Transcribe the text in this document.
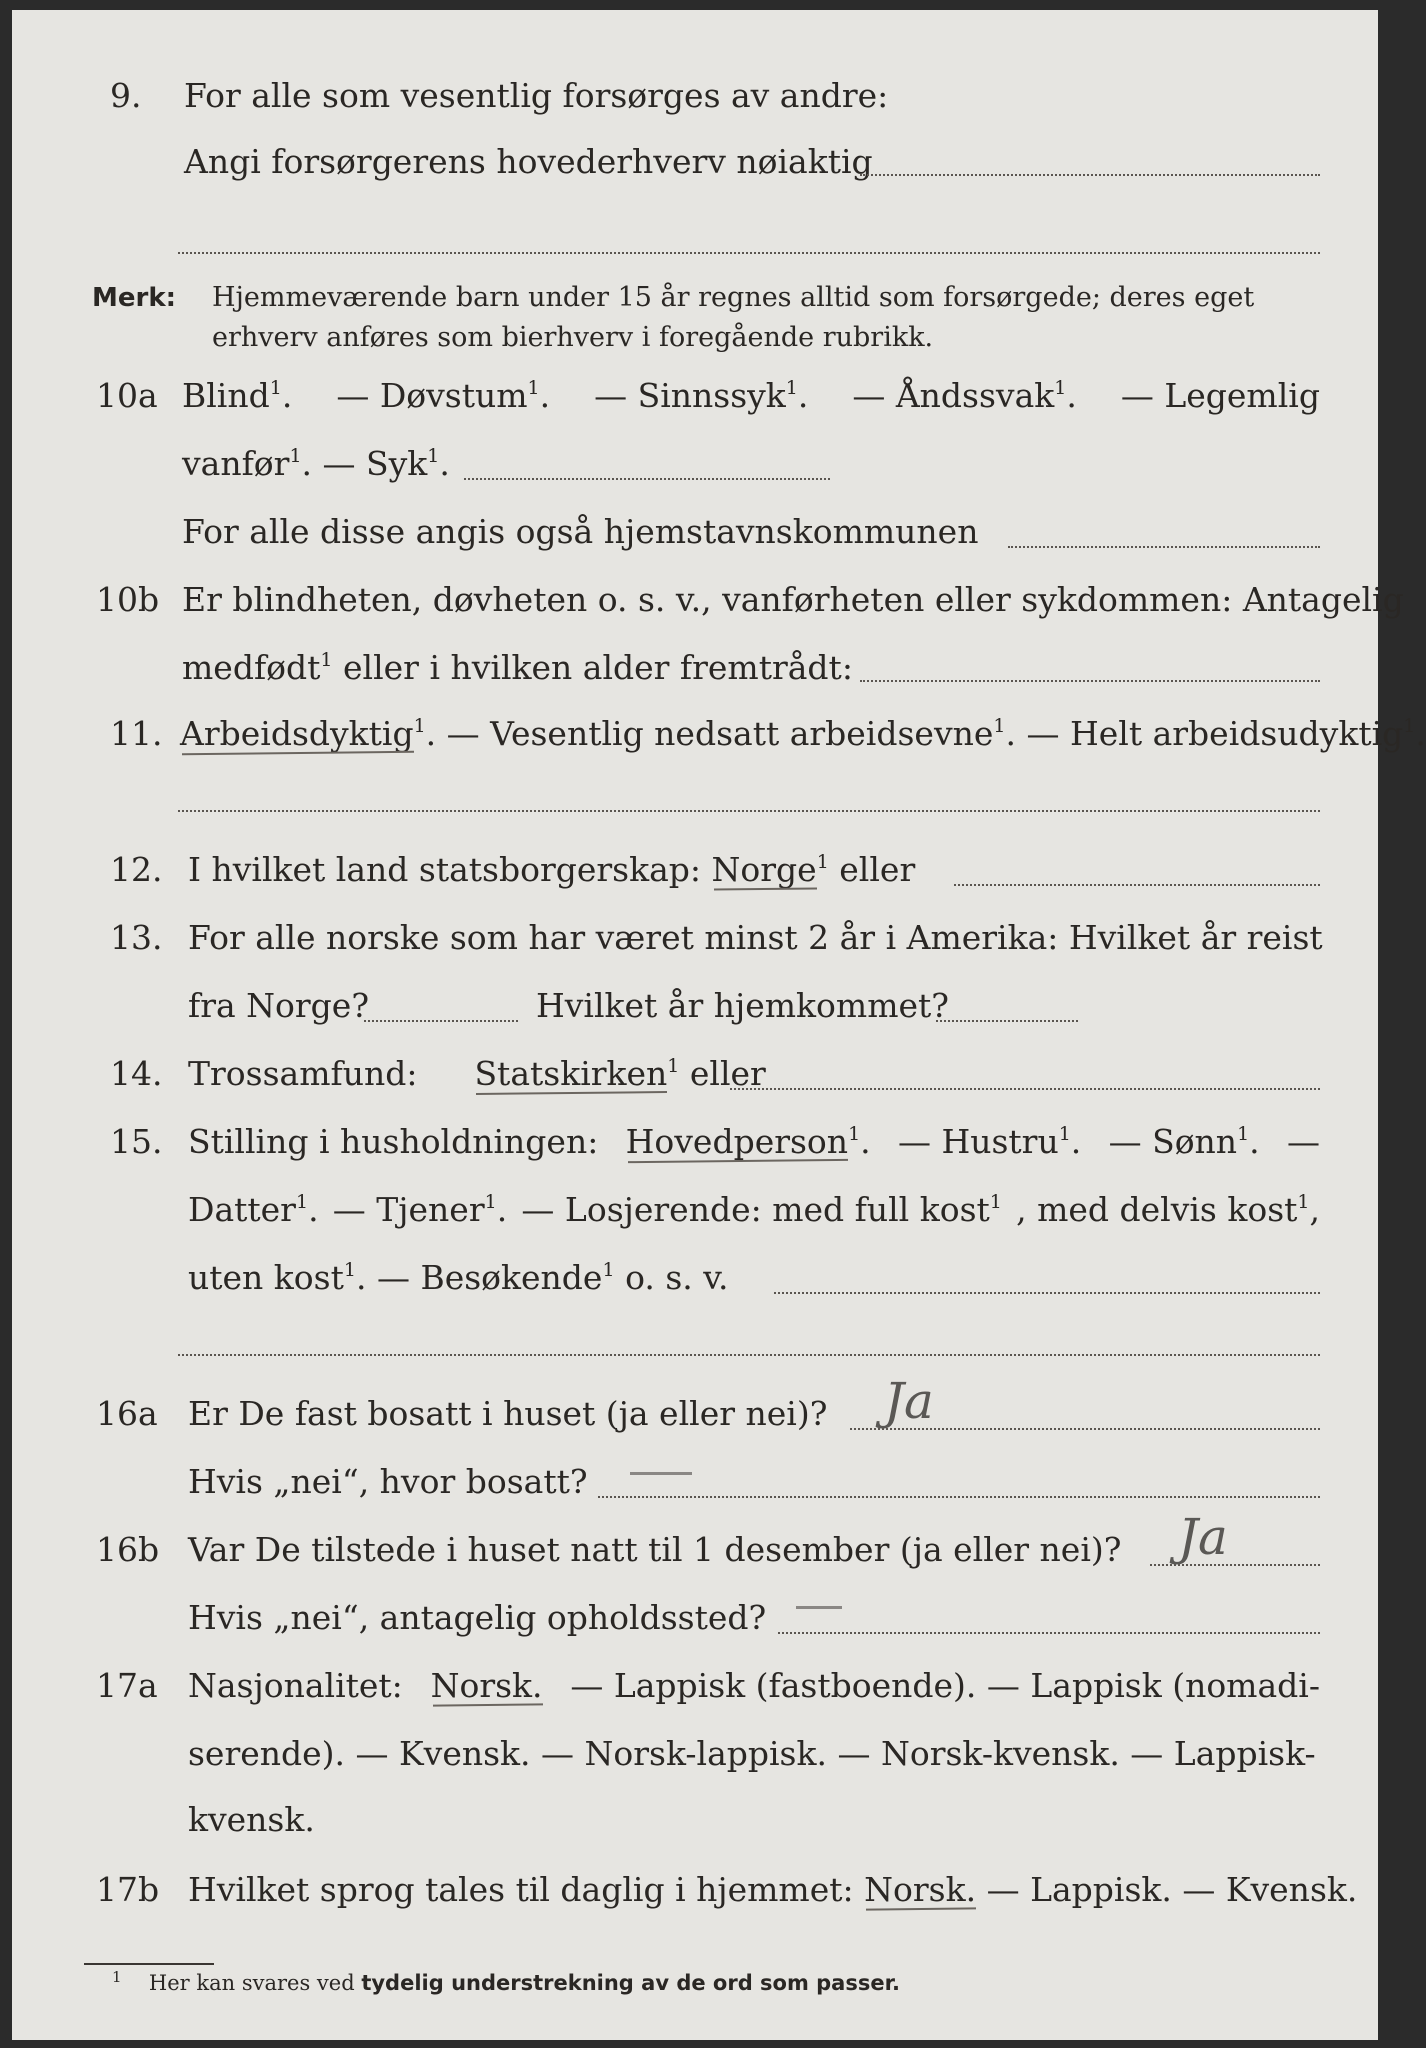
9. For alle som vesentlig forsørges av andre:
Angi forsørgerens hovederhverv nøiaktig
Merk: Hjemmeværende barn under 15 år regnes alltid som forsørgede; deres eget erhverv anføres som bierhverv i foregående rubrikk.
10a Blind$^1$. — Døvstum$^1$. — Sinnssyk$^1$. — Åndssvak$^1$. — Legemlig
vanfør$^1$. — Syk$^1$.
For alle disse angis også hjemstavnskommunen
10b Er blindheten, døvheten o. s. v., vanførheten eller sykdommen: Antagelig
medfødt$^1$ eller i hvilken alder fremtrådt:
11. Arbeidsdyktig$^1$. — Vesentlig nedsatt arbeidsevne$^1$. — Helt arbeidsudyktig$^1$.
12. I hvilket land statsborgerskap: Norge$^1$ eller
13. For alle norske som har været minst 2 år i Amerika: Hvilket år reist
fra Norge?	Hvilket år hjemkommet?
14. Trossamfund: Statskirken$^1$ eller
15. Stilling i husholdningen: Hovedperson$^1$. — Hustru$^1$. — Sønn$^1$. —
Datter$^1$. — Tjener$^1$. — Losjerende: med full kost$^1$ , med delvis kost$^1$,
uten kost$^1$. — Besøkende$^1$ o. s. v.
16a Er De fast bosatt i huset (ja eller nei)? Ja
Hvis „nei“, hvor bosatt?
16b Var De tilstede i huset natt til 1 desember (ja eller nei)? Ja
Hvis „nei“, antagelig opholdssted?
17a Nasjonalitet: Norsk. — Lappisk (fastboende). — Lappisk (nomadi-
serende). — Kvensk. — Norsk-lappisk. — Norsk-kvensk. — Lappisk-
kvensk.
17b Hvilket sprog tales til daglig i hjemmet: Norsk. — Lappisk. — Kvensk.
$^1$ Her kan svares ved tydelig understrekning av de ord som passer.
